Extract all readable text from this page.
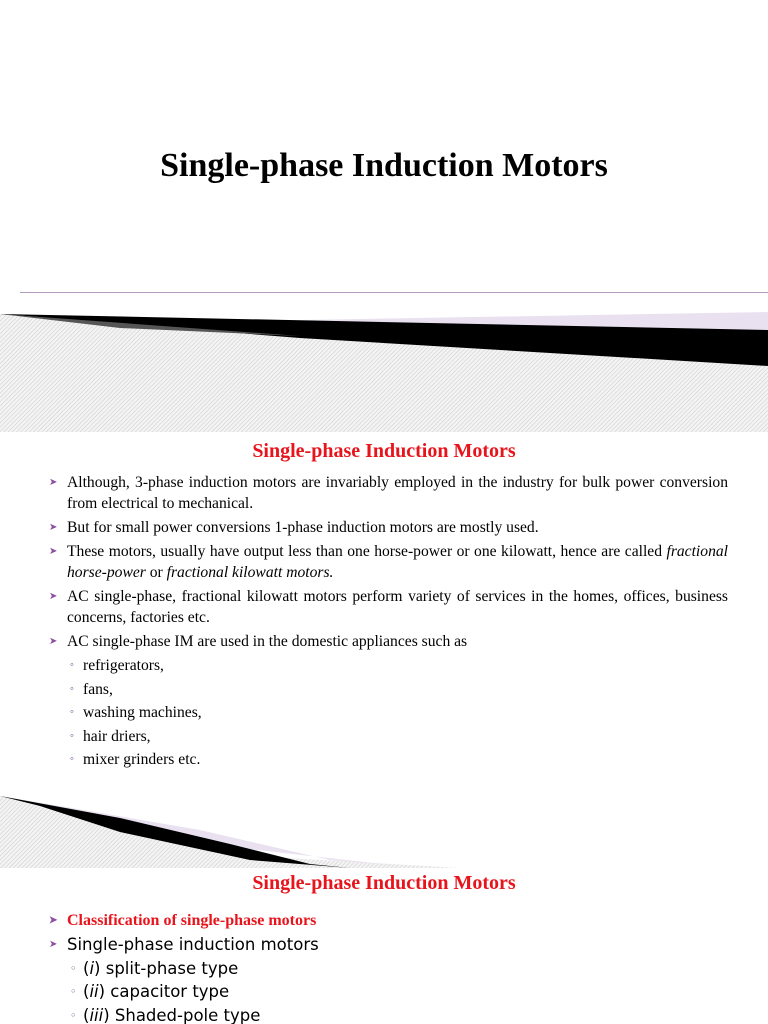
Single-phase Induction Motors
Single-phase Induction Motors
➤ Although, 3-phase induction motors are invariably employed in the industry for bulk power conversion from electrical to mechanical.
➤ But for small power conversions 1-phase induction motors are mostly used.
➤ These motors, usually have output less than one horse-power or one kilowatt, hence are called fractional horse-power or fractional kilowatt motors.
➤ AC single-phase, fractional kilowatt motors perform variety of services in the homes, offices, business concerns, factories etc.
➤ AC single-phase IM are used in the domestic appliances such as
◦ refrigerators,
◦ fans,
◦ washing machines,
◦ hair driers,
◦ mixer grinders etc.
Single-phase Induction Motors
➤ Classification of single-phase motors
➤ Single-phase induction motors
◦ (i) split-phase type
◦ (ii) capacitor type
◦ (iii) Shaded-pole type
